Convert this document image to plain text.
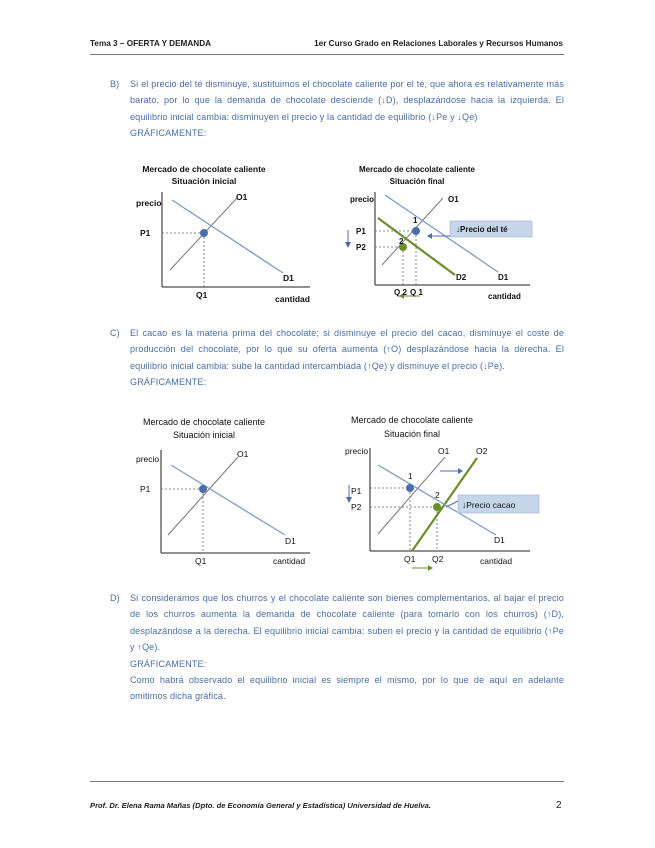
Tema 3 – OFERTA Y DEMANDA	1er Curso Grado en Relaciones Laborales y Recursos Humanos
B) Si el precio del té disminuye, sustituimos el chocolate caliente por el té, que ahora es relativamente más barato, por lo que la demanda de chocolate desciende (↓D), desplazándose hacia la izquierda. El equilibrio inicial cambia: disminuyen el precio y la cantidad de equilibrio (↓Pe y ↓Qe)
GRÁFICAMENTE:
Mercado de chocolate caliente
Situación inicial
precio
cantidad
O1
D1
P1
Q1
Mercado de chocolate caliente
Situación final
1
2
↓Precio del té
precio
cantidad
O1
D1
D2
P1
P2
Q 2 Q 1
C) El cacao es la materia prima del chocolate; si disminuye el precio del cacao, disminuye el coste de producción del chocolate, por lo que su oferta aumenta (↑O) desplazándose hacia la derecha. El equilibrio inicial cambia: sube la cantidad intercambiada (↑Qe) y disminuye el precio (↓Pe).
GRÁFICAMENTE:
Mercado de chocolate caliente
Situación inicial
precio
cantidad
O1
D1
P1
Q1
Mercado de chocolate caliente
Situación final
1
2
↓Precio cacao
precio
cantidad
O1	O2
D1
P1
P2
Q1 Q2
D) Si consideramos que los churros y el chocolate caliente son bienes complementarios, al bajar el precio de los churros aumenta la demanda de chocolate caliente (para tomarlo con los churros) (↑D), desplazándose a la derecha. El equilibrio inicial cambia: suben el precio y la cantidad de equilibrio (↑Pe y ↑Qe).
GRÁFICAMENTE:
Como habrá observado el equilibrio inicial es siempre el mismo, por lo que de aquí en adelante omitimos dicha gráfica.
Prof. Dr. Elena Rama Mañas (Dpto. de Economía General y Estadística) Universidad de Huelva.	2
